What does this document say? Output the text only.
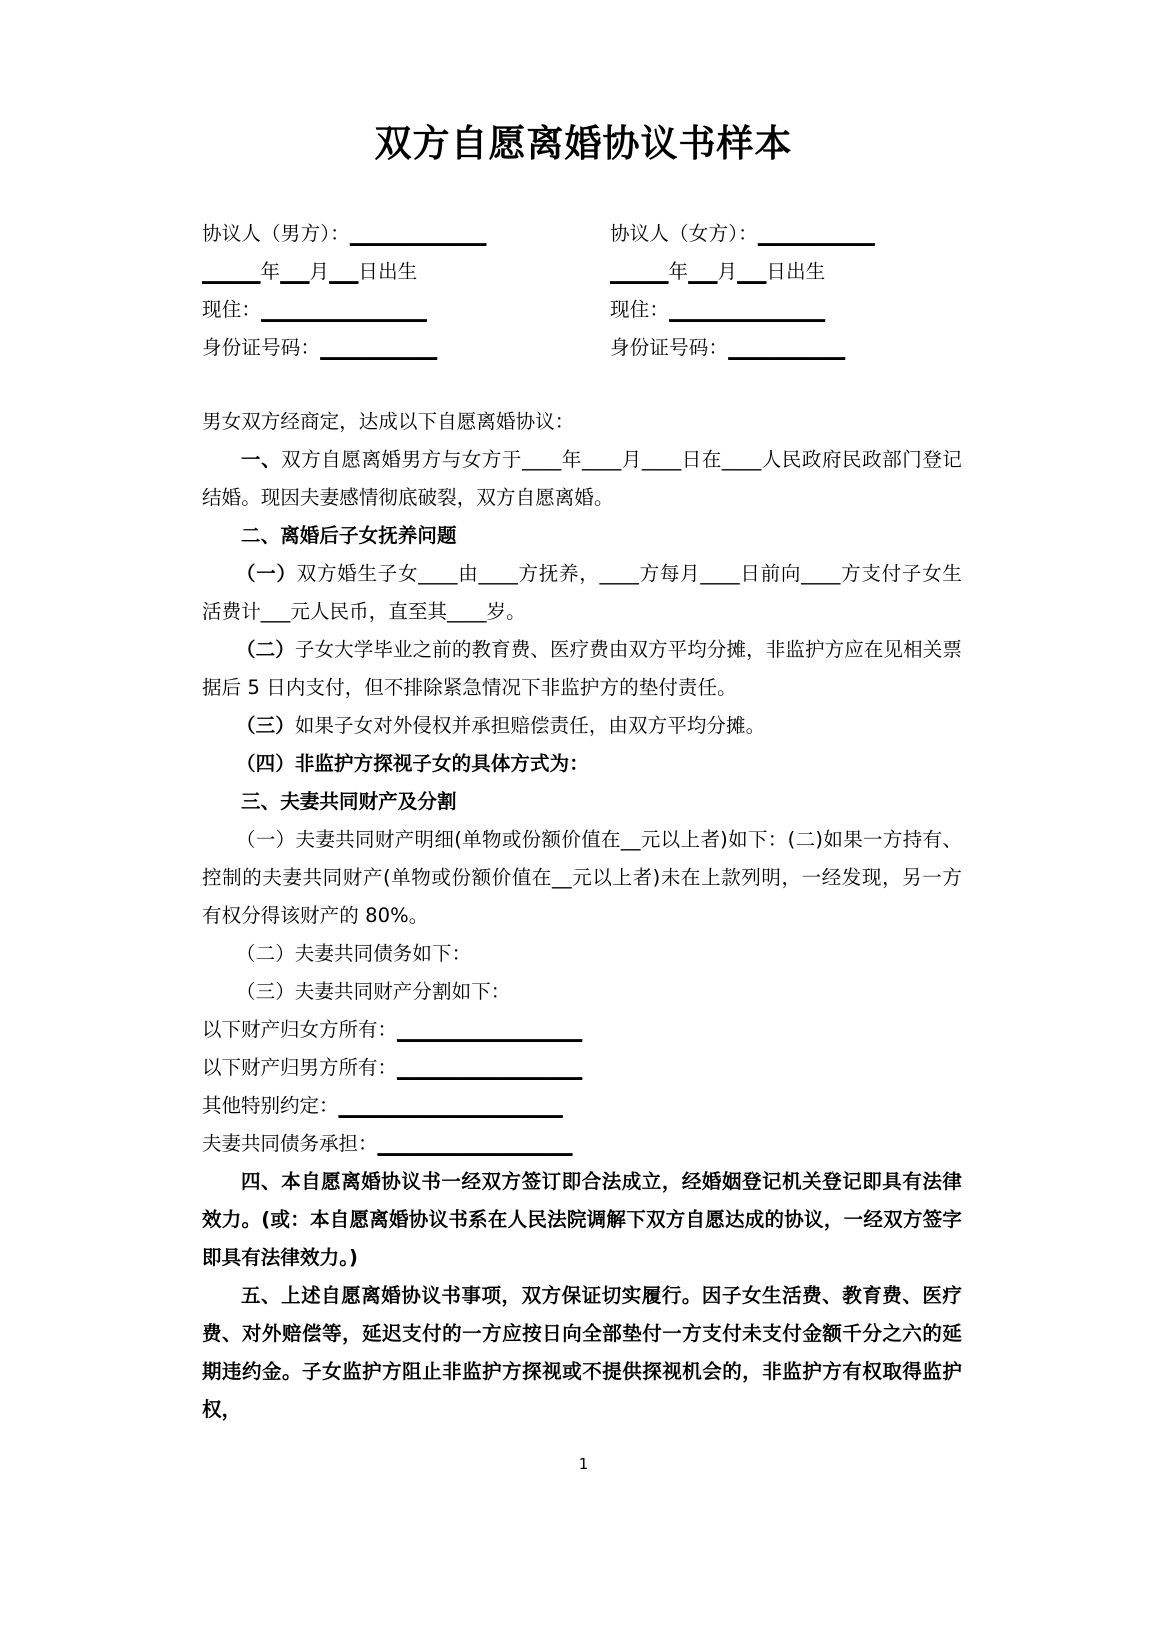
双方自愿离婚协议书样本
协议人（男方）：______________
______年___月___日出生
现住：_________________
身份证号码：____________
协议人（女方）：____________
______年___月___日出生
现住：________________
身份证号码：____________

男女双方经商定，达成以下自愿离婚协议：

一、双方自愿离婚男方与女方于____年____月____日在____人民政府民政部门登记结婚。现因夫妻感情彻底破裂，双方自愿离婚。

二、离婚后子女抚养问题

（一）双方婚生子女____由____方抚养，____方每月____日前向____方支付子女生活费计___元人民币，直至其____岁。

（二）子女大学毕业之前的教育费、医疗费由双方平均分摊，非监护方应在见相关票据后 5 日内支付，但不排除紧急情况下非监护方的垫付责任。

（三）如果子女对外侵权并承担赔偿责任，由双方平均分摊。

（四）非监护方探视子女的具体方式为：

三、夫妻共同财产及分割

（一）夫妻共同财产明细(单物或份额价值在__元以上者)如下：(二)如果一方持有、控制的夫妻共同财产(单物或份额价值在__元以上者)未在上款列明，一经发现，另一方有权分得该财产的 80%。

（二）夫妻共同债务如下：

（三）夫妻共同财产分割如下：

以下财产归女方所有：___________________

以下财产归男方所有：___________________

其他特别约定：_______________________

夫妻共同债务承担：____________________

四、本自愿离婚协议书一经双方签订即合法成立，经婚姻登记机关登记即具有法律效力。(或：本自愿离婚协议书系在人民法院调解下双方自愿达成的协议，一经双方签字即具有法律效力。)

五、上述自愿离婚协议书事项，双方保证切实履行。因子女生活费、教育费、医疗费、对外赔偿等，延迟支付的一方应按日向全部垫付一方支付未支付金额千分之六的延期违约金。子女监护方阻止非监护方探视或不提供探视机会的，非监护方有权取得监护权，

1
